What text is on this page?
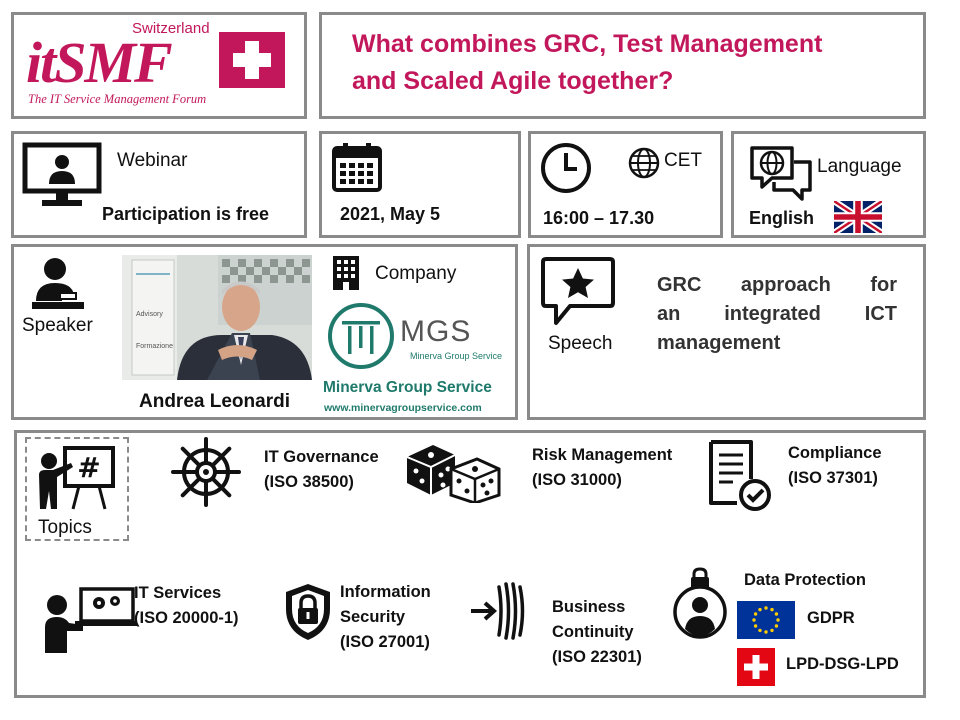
Switzerland
itSMF
The IT Service Management Forum
What combines GRC, Test Management
and Scaled Agile together?
Webinar
Participation is free	2021, May 5
CET
16:00 – 17.30
Language
English
Speaker
Advisory
Formazione
Andrea Leonardi
Company
MGS
Minerva Group Service
Minerva Group Service
www.minervagroupservice.com
Speech
GRC approach for
an integrated ICT
management
#
Topics
IT Governance
(ISO 38500)
Risk Management
(ISO 31000)
Compliance
(ISO 37301)
IT Services
(ISO 20000-1)
Information
Security
(ISO 27001)
Business
Continuity
(ISO 22301)
Data Protection
GDPR
LPD-DSG-LPD
